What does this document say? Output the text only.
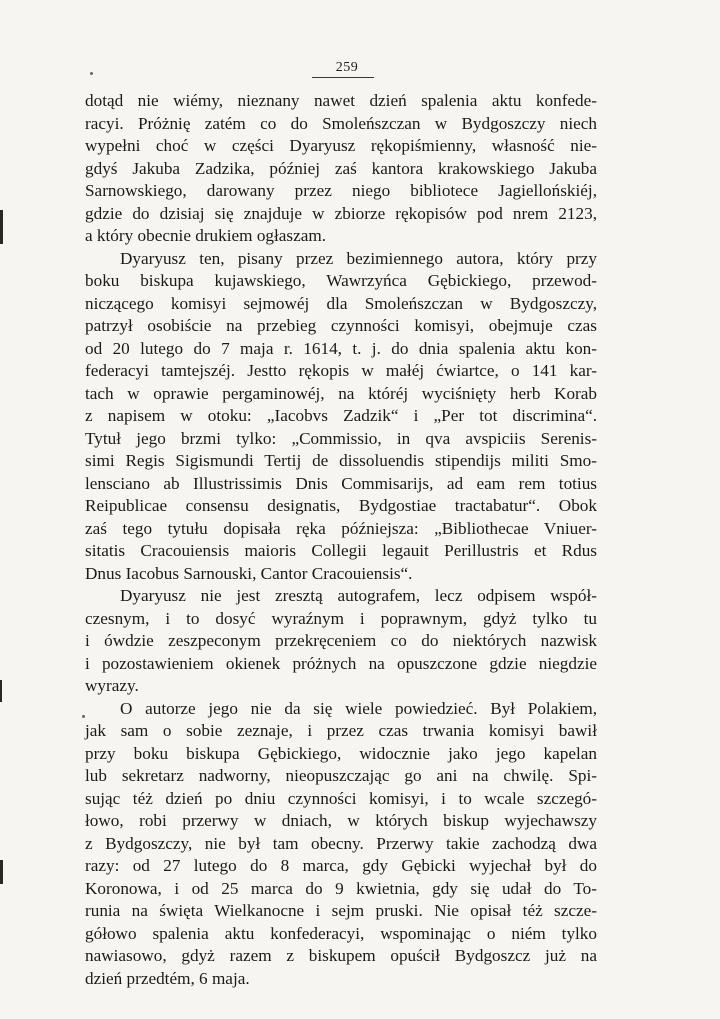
259
dotąd nie wiémy, nieznany nawet dzień spalenia aktu konfede-
racyi. Próżnię zatém co do Smoleńszczan w Bydgoszczy niech
wypełni choć w części Dyaryusz rękopiśmienny, własność nie-
gdyś Jakuba Zadzika, później zaś kantora krakowskiego Jakuba
Sarnowskiego, darowany przez niego bibliotece Jagiellońskiéj,
gdzie do dzisiaj się znajduje w zbiorze rękopisów pod nrem 2123,
a który obecnie drukiem ogłaszam.
Dyaryusz ten, pisany przez bezimiennego autora, który przy
boku biskupa kujawskiego, Wawrzyńca Gębickiego, przewod-
niczącego komisyi sejmowéj dla Smoleńszczan w Bydgoszczy,
patrzył osobiście na przebieg czynności komisyi, obejmuje czas
od 20 lutego do 7 maja r. 1614, t. j. do dnia spalenia aktu kon-
federacyi tamtejszéj. Jestto rękopis w małéj ćwiartce, o 141 kar-
tach w oprawie pergaminowéj, na któréj wyciśnięty herb Korab
z napisem w otoku: „Iacobvs Zadzik“ i „Per tot discrimina“.
Tytuł jego brzmi tylko: „Commissio, in qva avspiciis Serenis-
simi Regis Sigismundi Tertij de dissoluendis stipendijs militi Smo-
lensciano ab Illustrissimis Dnis Commisarijs, ad eam rem totius
Reipublicae consensu designatis, Bydgostiae tractabatur“. Obok
zaś tego tytułu dopisała ręka późniejsza: „Bibliothecae Vniuer-
sitatis Cracouiensis maioris Collegii legauit Perillustris et Rdus
Dnus Iacobus Sarnouski, Cantor Cracouiensis“.
Dyaryusz nie jest zresztą autografem, lecz odpisem współ-
czesnym, i to dosyć wyraźnym i poprawnym, gdyż tylko tu
i ówdzie zeszpeconym przekręceniem co do niektórych nazwisk
i pozostawieniem okienek próżnych na opuszczone gdzie niegdzie
wyrazy.
O autorze jego nie da się wiele powiedzieć. Był Polakiem,
jak sam o sobie zeznaje, i przez czas trwania komisyi bawił
przy boku biskupa Gębickiego, widocznie jako jego kapelan
lub sekretarz nadworny, nieopuszczając go ani na chwilę. Spi-
sując téż dzień po dniu czynności komisyi, i to wcale szczegó-
łowo, robi przerwy w dniach, w których biskup wyjechawszy
z Bydgoszczy, nie był tam obecny. Przerwy takie zachodzą dwa
razy: od 27 lutego do 8 marca, gdy Gębicki wyjechał był do
Koronowa, i od 25 marca do 9 kwietnia, gdy się udał do To-
runia na święta Wielkanocne i sejm pruski. Nie opisał téż szcze-
gółowo spalenia aktu konfederacyi, wspominając o niém tylko
nawiasowo, gdyż razem z biskupem opuścił Bydgoszcz już na
dzień przedtém, 6 maja.
